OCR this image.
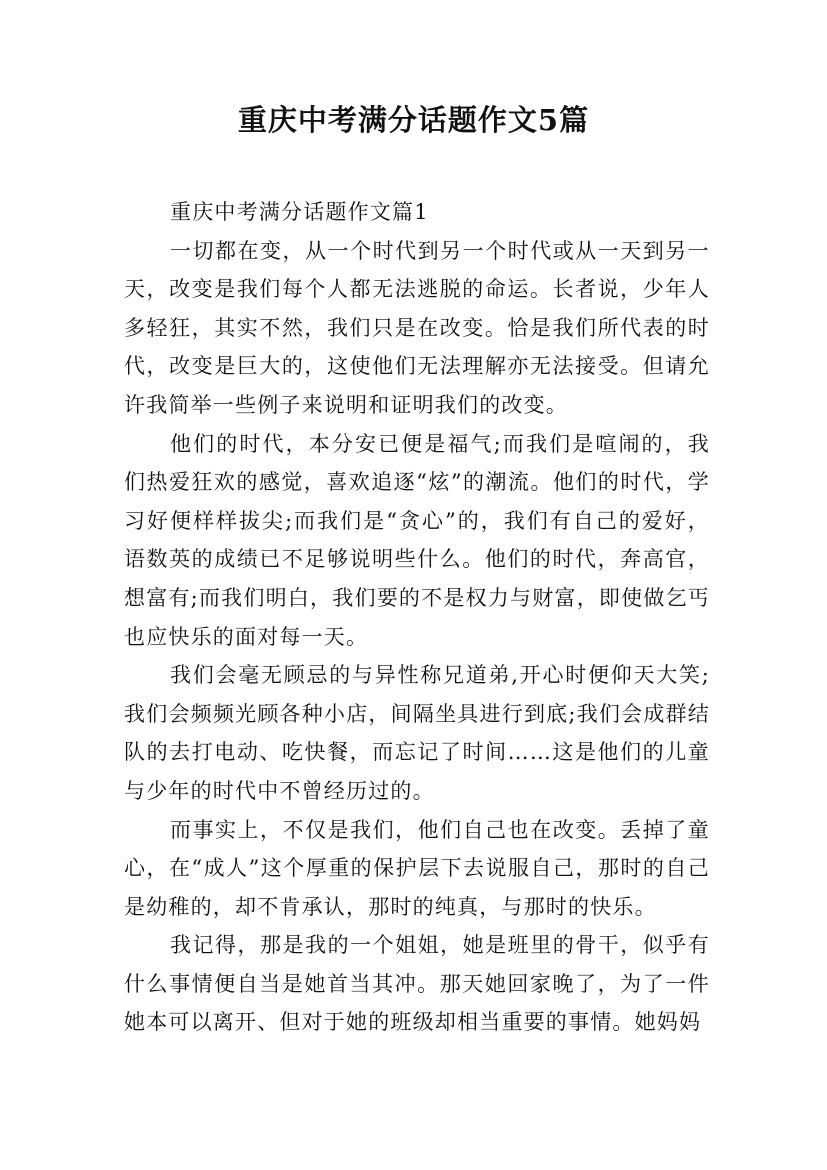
重庆中考满分话题作文5篇
重庆中考满分话题作文篇1

一切都在变，从一个时代到另一个时代或从一天到另一天，改变是我们每个人都无法逃脱的命运。长者说，少年人多轻狂，其实不然，我们只是在改变。恰是我们所代表的时代，改变是巨大的，这使他们无法理解亦无法接受。但请允许我简举一些例子来说明和证明我们的改变。

他们的时代，本分安已便是福气;而我们是喧闹的，我们热爱狂欢的感觉，喜欢追逐“炫”的潮流。他们的时代，学习好便样样拔尖;而我们是“贪心”的，我们有自己的爱好，语数英的成绩已不足够说明些什么。他们的时代，奔高官，想富有;而我们明白，我们要的不是权力与财富，即使做乞丐也应快乐的面对每一天。

我们会毫无顾忌的与异性称兄道弟,开心时便仰天大笑;我们会频频光顾各种小店，间隔坐具进行到底;我们会成群结队的去打电动、吃快餐，而忘记了时间……这是他们的儿童与少年的时代中不曾经历过的。

而事实上，不仅是我们，他们自己也在改变。丢掉了童心，在“成人”这个厚重的保护层下去说服自己，那时的自己是幼稚的，却不肯承认，那时的纯真，与那时的快乐。

我记得，那是我的一个姐姐，她是班里的骨干，似乎有什么事情便自当是她首当其冲。那天她回家晚了，为了一件她本可以离开、但对于她的班级却相当重要的事情。她妈妈
